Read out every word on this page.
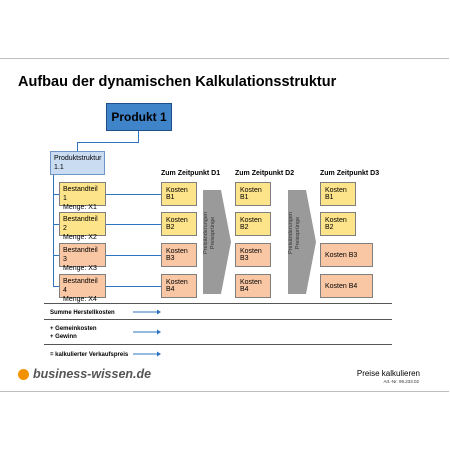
Aufbau der dynamischen Kalkulationsstruktur
Produkt 1
Produktstruktur
1.1
Bestandteil 1
Menge: X1
Bestandteil 2
Menge: X2
Bestandteil 3
Menge: X3
Bestandteil 4
Menge: X4
Zum Zeitpunkt D1 Zum Zeitpunkt D2	Zum Zeitpunkt D3
Kosten B1
Kosten B2
Kosten B3
Kosten B4
Preisänderungen Preissprünge
Kosten B1
Kosten B2
Kosten B3
Kosten B4
Preisänderungen Preissprünge
Kosten B1
Kosten B2
Kosten B3
Kosten B4
Summe Herstellkosten
+ Gemeinkosten
+ Gewinn
= kalkulierter Verkaufspreis
business-wissen.de	Preise kalkulieren
Art.-Nr. 99.233.02
